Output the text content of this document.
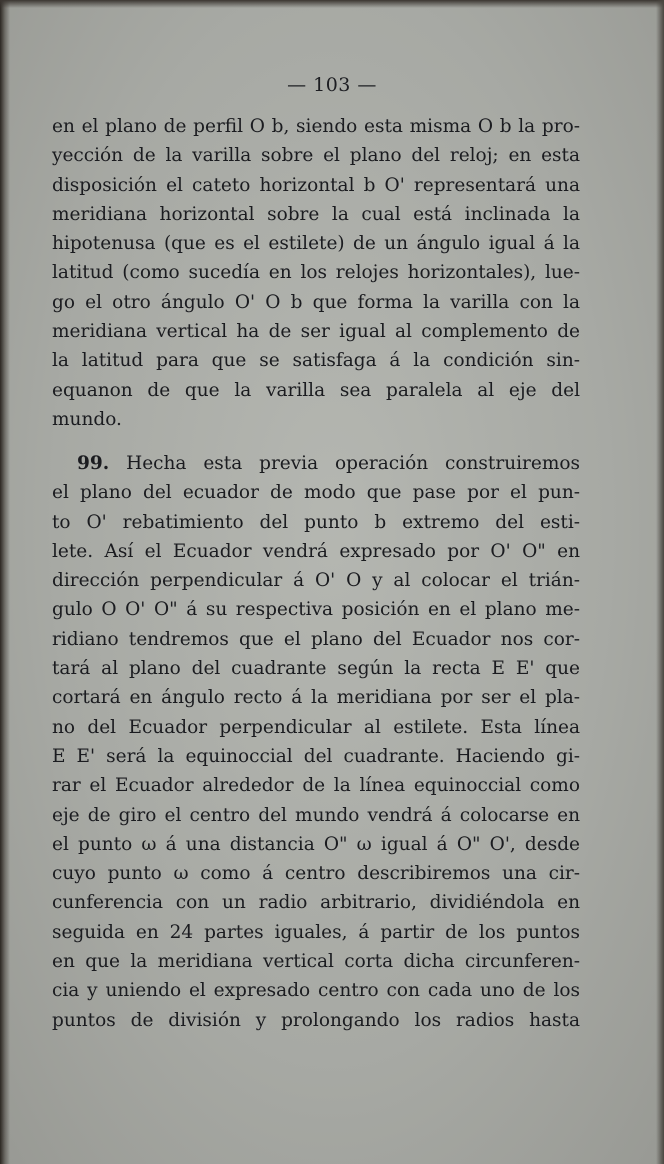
— 103 —
en el plano de perfil O b, siendo esta misma O b la pro-
yección de la varilla sobre el plano del reloj; en esta
disposición el cateto horizontal b O' representará una
meridiana horizontal sobre la cual está inclinada la
hipotenusa (que es el estilete) de un ángulo igual á la
latitud (como sucedía en los relojes horizontales), lue-
go el otro ángulo O' O b que forma la varilla con la
meridiana vertical ha de ser igual al complemento de
la latitud para que se satisfaga á la condición sin-
equanon de que la varilla sea paralela al eje del
mundo.
99. Hecha esta previa operación construiremos
el plano del ecuador de modo que pase por el pun-
to O' rebatimiento del punto b extremo del esti-
lete. Así el Ecuador vendrá expresado por O' O" en
dirección perpendicular á O' O y al colocar el trián-
gulo O O' O" á su respectiva posición en el plano me-
ridiano tendremos que el plano del Ecuador nos cor-
tará al plano del cuadrante según la recta E E' que
cortará en ángulo recto á la meridiana por ser el pla-
no del Ecuador perpendicular al estilete. Esta línea
E E' será la equinoccial del cuadrante. Haciendo gi-
rar el Ecuador alrededor de la línea equinoccial como
eje de giro el centro del mundo vendrá á colocarse en
el punto ω á una distancia O" ω igual á O" O', desde
cuyo punto ω como á centro describiremos una cir-
cunferencia con un radio arbitrario, dividiéndola en
seguida en 24 partes iguales, á partir de los puntos
en que la meridiana vertical corta dicha circunferen-
cia y uniendo el expresado centro con cada uno de los
puntos de división y prolongando los radios hasta
